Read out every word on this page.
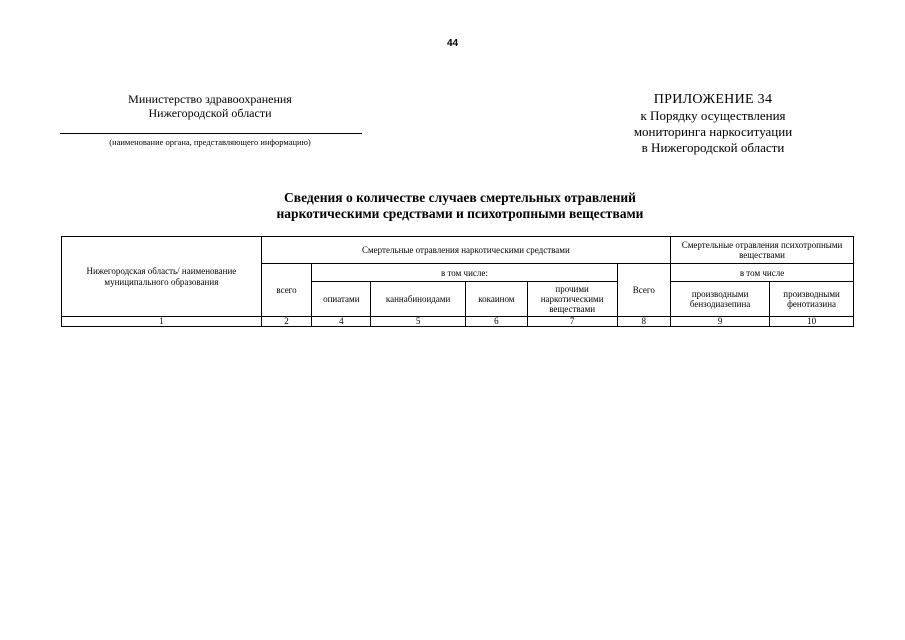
44
Министерство здравоохранения
Нижегородской области
(наименование органа, представляющего информацию)
ПРИЛОЖЕНИЕ 34
к Порядку осуществления
мониторинга наркоситуации
в Нижегородской области
Сведения о количестве случаев смертельных отравлений
наркотическими средствами и психотропными веществами
Нижегородская область/ наименование муниципального образования	Смертельные отравления наркотическими средствами						Смертельные отравления психотропными веществами	
	всего	в том числе:				Всего	в том числе	
		опиатами	каннабиноидами	кокаином	прочими наркотическими веществами		производными бензодиазепина	производными фенотиазина
1	2	4	5	6	7	8	9	10
